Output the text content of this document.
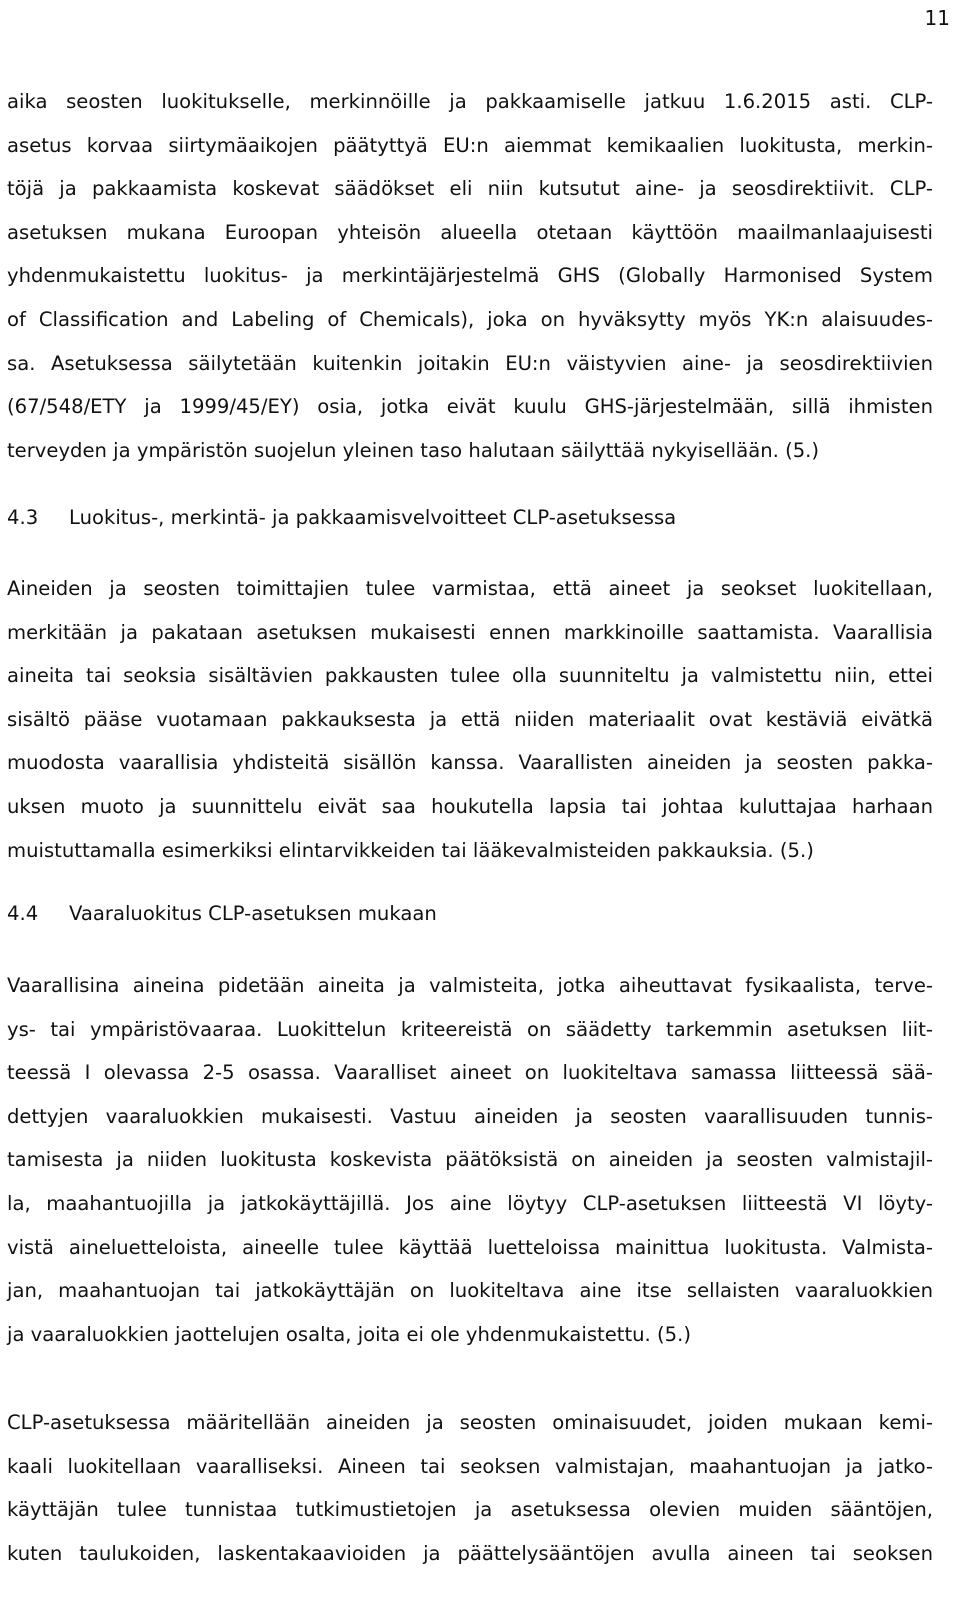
11

aika seosten luokitukselle, merkinnöille ja pakkaamiselle jatkuu 1.6.2015 asti. CLP-
asetus korvaa siirtymäaikojen päätyttyä EU:n aiemmat kemikaalien luokitusta, merkin-
töjä ja pakkaamista koskevat säädökset eli niin kutsutut aine- ja seosdirektiivit. CLP-
asetuksen mukana Euroopan yhteisön alueella otetaan käyttöön maailmanlaajuisesti
yhdenmukaistettu luokitus- ja merkintäjärjestelmä GHS (Globally Harmonised System
of Classification and Labeling of Chemicals), joka on hyväksytty myös YK:n alaisuudes-
sa. Asetuksessa säilytetään kuitenkin joitakin EU:n väistyvien aine- ja seosdirektiivien
(67/548/ETY ja 1999/45/EY) osia, jotka eivät kuulu GHS-järjestelmään, sillä ihmisten
terveyden ja ympäristön suojelun yleinen taso halutaan säilyttää nykyisellään. (5.)
4.3 Luokitus-, merkintä- ja pakkaamisvelvoitteet CLP-asetuksessa
Aineiden ja seosten toimittajien tulee varmistaa, että aineet ja seokset luokitellaan,
merkitään ja pakataan asetuksen mukaisesti ennen markkinoille saattamista. Vaarallisia
aineita tai seoksia sisältävien pakkausten tulee olla suunniteltu ja valmistettu niin, ettei
sisältö pääse vuotamaan pakkauksesta ja että niiden materiaalit ovat kestäviä eivätkä
muodosta vaarallisia yhdisteitä sisällön kanssa. Vaarallisten aineiden ja seosten pakka-
uksen muoto ja suunnittelu eivät saa houkutella lapsia tai johtaa kuluttajaa harhaan
muistuttamalla esimerkiksi elintarvikkeiden tai lääkevalmisteiden pakkauksia. (5.)
4.4 Vaaraluokitus CLP-asetuksen mukaan
Vaarallisina aineina pidetään aineita ja valmisteita, jotka aiheuttavat fysikaalista, terve-
ys- tai ympäristövaaraa. Luokittelun kriteereistä on säädetty tarkemmin asetuksen liit-
teessä I olevassa 2-5 osassa. Vaaralliset aineet on luokiteltava samassa liitteessä sää-
dettyjen vaaraluokkien mukaisesti. Vastuu aineiden ja seosten vaarallisuuden tunnis-
tamisesta ja niiden luokitusta koskevista päätöksistä on aineiden ja seosten valmistajil-
la, maahantuojilla ja jatkokäyttäjillä. Jos aine löytyy CLP-asetuksen liitteestä VI löyty-
vistä aineluetteloista, aineelle tulee käyttää luetteloissa mainittua luokitusta. Valmista-
jan, maahantuojan tai jatkokäyttäjän on luokiteltava aine itse sellaisten vaaraluokkien
ja vaaraluokkien jaottelujen osalta, joita ei ole yhdenmukaistettu. (5.)
CLP-asetuksessa määritellään aineiden ja seosten ominaisuudet, joiden mukaan kemi-
kaali luokitellaan vaaralliseksi. Aineen tai seoksen valmistajan, maahantuojan ja jatko-
käyttäjän tulee tunnistaa tutkimustietojen ja asetuksessa olevien muiden sääntöjen,
kuten taulukoiden, laskentakaavioiden ja päättelysääntöjen avulla aineen tai seoksen
